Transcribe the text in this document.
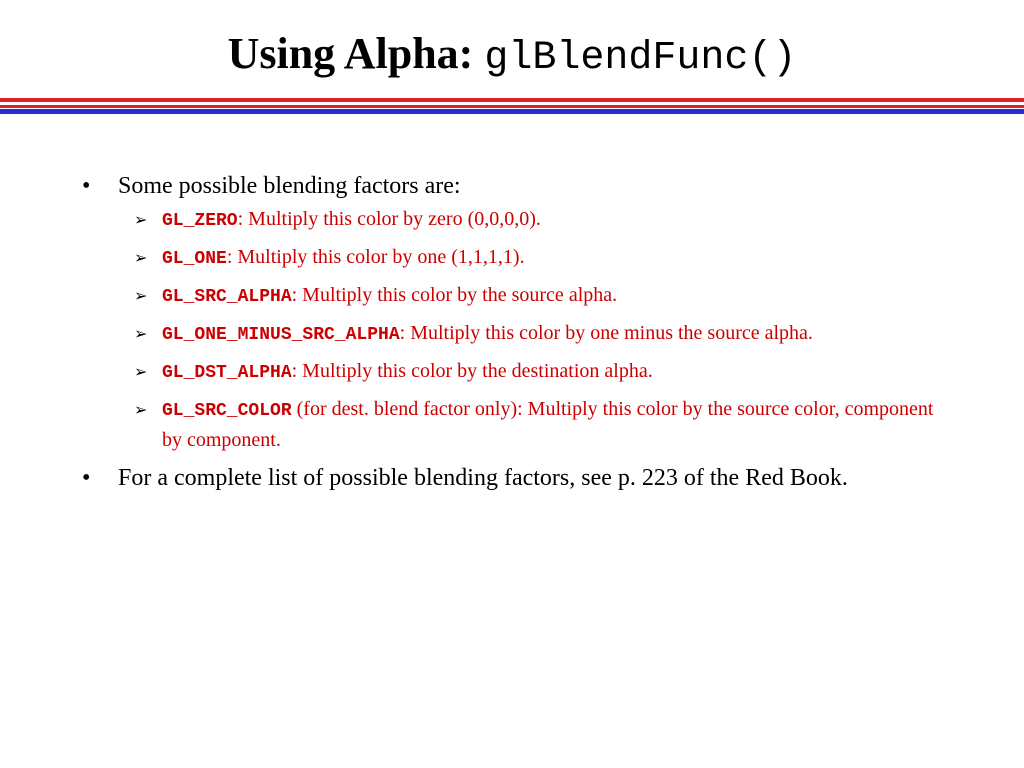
Using Alpha: glBlendFunc()
• Some possible blending factors are:
➢ GL_ZERO: Multiply this color by zero (0,0,0,0).
➢ GL_ONE: Multiply this color by one (1,1,1,1).
➢ GL_SRC_ALPHA: Multiply this color by the source alpha.
➢ GL_ONE_MINUS_SRC_ALPHA: Multiply this color by one minus the source alpha.
➢ GL_DST_ALPHA: Multiply this color by the destination alpha.
➢ GL_SRC_COLOR (for dest. blend factor only): Multiply this color by the source color, component by component.
• For a complete list of possible blending factors, see p. 223 of the Red Book.
